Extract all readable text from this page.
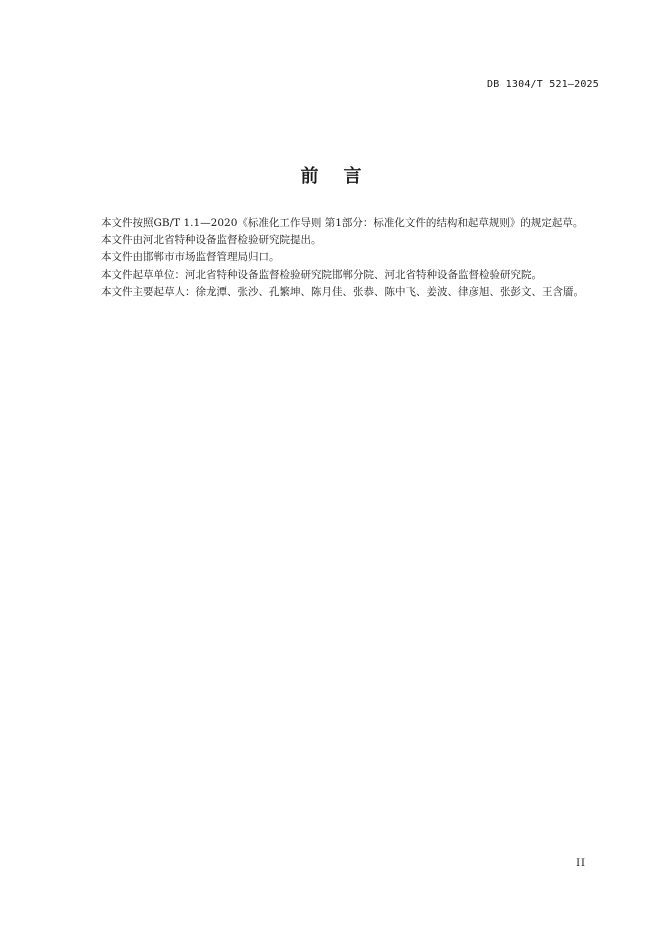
DB 1304/T 521—2025
前    言

本文件按照GB/T 1.1—2020《标准化工作导则 第1部分：标准化文件的结构和起草规则》的规定起草。

本文件由河北省特种设备监督检验研究院提出。

本文件由邯郸市市场监督管理局归口。

本文件起草单位：河北省特种设备监督检验研究院邯郸分院、河北省特种设备监督检验研究院。

本文件主要起草人：徐龙潭、张沙、孔繁坤、陈月佳、张恭、陈中飞、姜波、律彦旭、张彭文、王含靥。

II
